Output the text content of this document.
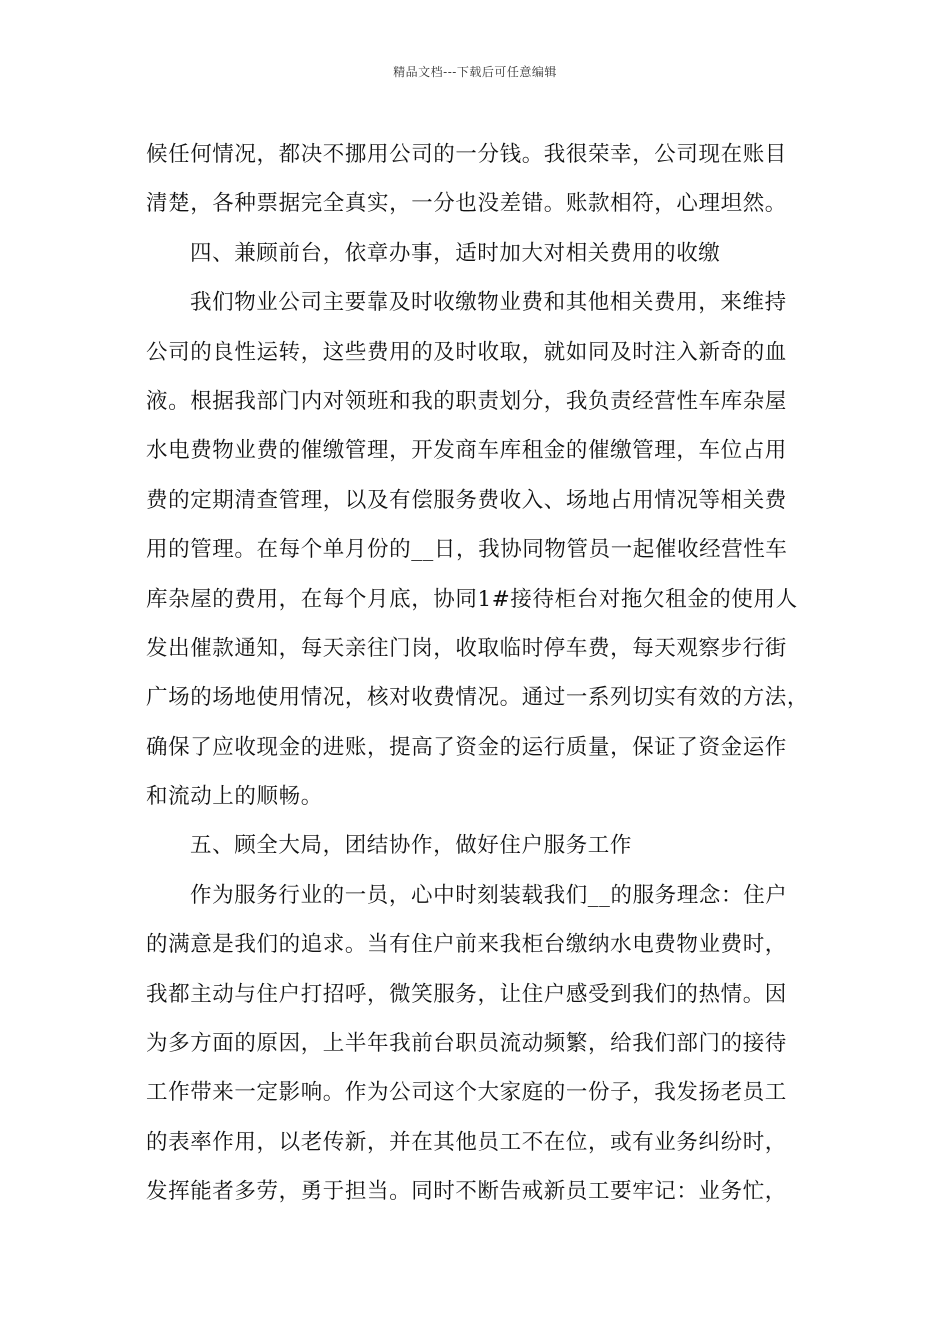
精品文档---下载后可任意编辑
候任何情况，都决不挪用公司的一分钱。我很荣幸，公司现在账目
清楚，各种票据完全真实，一分也没差错。账款相符，心理坦然。
四、兼顾前台，依章办事，适时加大对相关费用的收缴
我们物业公司主要靠及时收缴物业费和其他相关费用，来维持
公司的良性运转，这些费用的及时收取，就如同及时注入新奇的血
液。根据我部门内对领班和我的职责划分，我负责经营性车库杂屋
水电费物业费的催缴管理，开发商车库租金的催缴管理，车位占用
费的定期清查管理，以及有偿服务费收入、场地占用情况等相关费
用的管理。在每个单月份的__日，我协同物管员一起催收经营性车
库杂屋的费用，在每个月底，协同1#接待柜台对拖欠租金的使用人
发出催款通知，每天亲往门岗，收取临时停车费，每天观察步行街
广场的场地使用情况，核对收费情况。通过一系列切实有效的方法，
确保了应收现金的进账，提高了资金的运行质量，保证了资金运作
和流动上的顺畅。
五、顾全大局，团结协作，做好住户服务工作
作为服务行业的一员，心中时刻装载我们__的服务理念：住户
的满意是我们的追求。当有住户前来我柜台缴纳水电费物业费时，
我都主动与住户打招呼，微笑服务，让住户感受到我们的热情。因
为多方面的原因，上半年我前台职员流动频繁，给我们部门的接待
工作带来一定影响。作为公司这个大家庭的一份子，我发扬老员工
的表率作用，以老传新，并在其他员工不在位，或有业务纠纷时，
发挥能者多劳，勇于担当。同时不断告戒新员工要牢记：业务忙，
